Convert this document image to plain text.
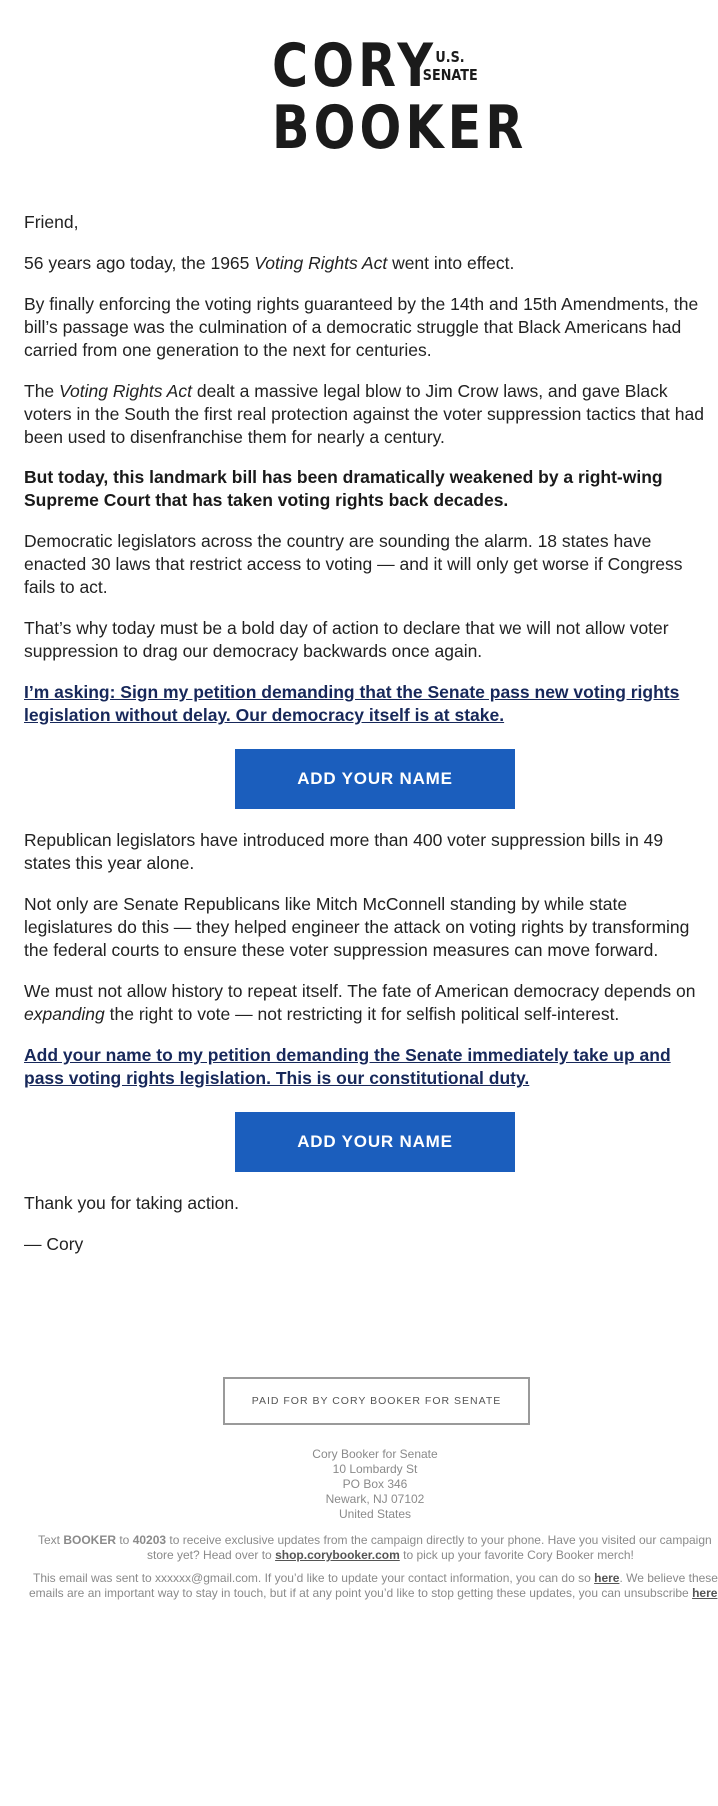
CORY
BOOKER
U.S.
SENATE

Friend,

56 years ago today, the 1965 Voting Rights Act went into effect.

By finally enforcing the voting rights guaranteed by the 14th and 15th Amendments, the

bill’s passage was the culmination of a democratic struggle that Black Americans had

carried from one generation to the next for centuries.

The Voting Rights Act dealt a massive legal blow to Jim Crow laws, and gave Black

voters in the South the first real protection against the voter suppression tactics that had

been used to disenfranchise them for nearly a century.

But today, this landmark bill has been dramatically weakened by a right-wing

Supreme Court that has taken voting rights back decades.

Democratic legislators across the country are sounding the alarm. 18 states have

enacted 30 laws that restrict access to voting — and it will only get worse if Congress

fails to act.

That’s why today must be a bold day of action to declare that we will not allow voter

suppression to drag our democracy backwards once again.

I’m asking: Sign my petition demanding that the Senate pass new voting rights

legislation without delay. Our democracy itself is at stake.

Republican legislators have introduced more than 400 voter suppression bills in 49

states this year alone.

Not only are Senate Republicans like Mitch McConnell standing by while state

legislatures do this — they helped engineer the attack on voting rights by transforming

the federal courts to ensure these voter suppression measures can move forward.

We must not allow history to repeat itself. The fate of American democracy depends on

expanding the right to vote — not restricting it for selfish political self-interest.

Add your name to my petition demanding the Senate immediately take up and

pass voting rights legislation. This is our constitutional duty.

Thank you for taking action.

— Cory

ADD YOUR NAME
ADD YOUR NAME
PAID FOR BY CORY BOOKER FOR SENATE
Cory Booker for Senate
10 Lombardy St
PO Box 346
Newark, NJ 07102
United States
Text BOOKER to 40203 to receive exclusive updates from the campaign directly to your phone. Have you visited our campaign
store yet? Head over to shop.corybooker.com to pick up your favorite Cory Booker merch!
This email was sent to xxxxxx@gmail.com. If you’d like to update your contact information, you can do so here. We believe these
emails are an important way to stay in touch, but if at any point you’d like to stop getting these updates, you can unsubscribe here
